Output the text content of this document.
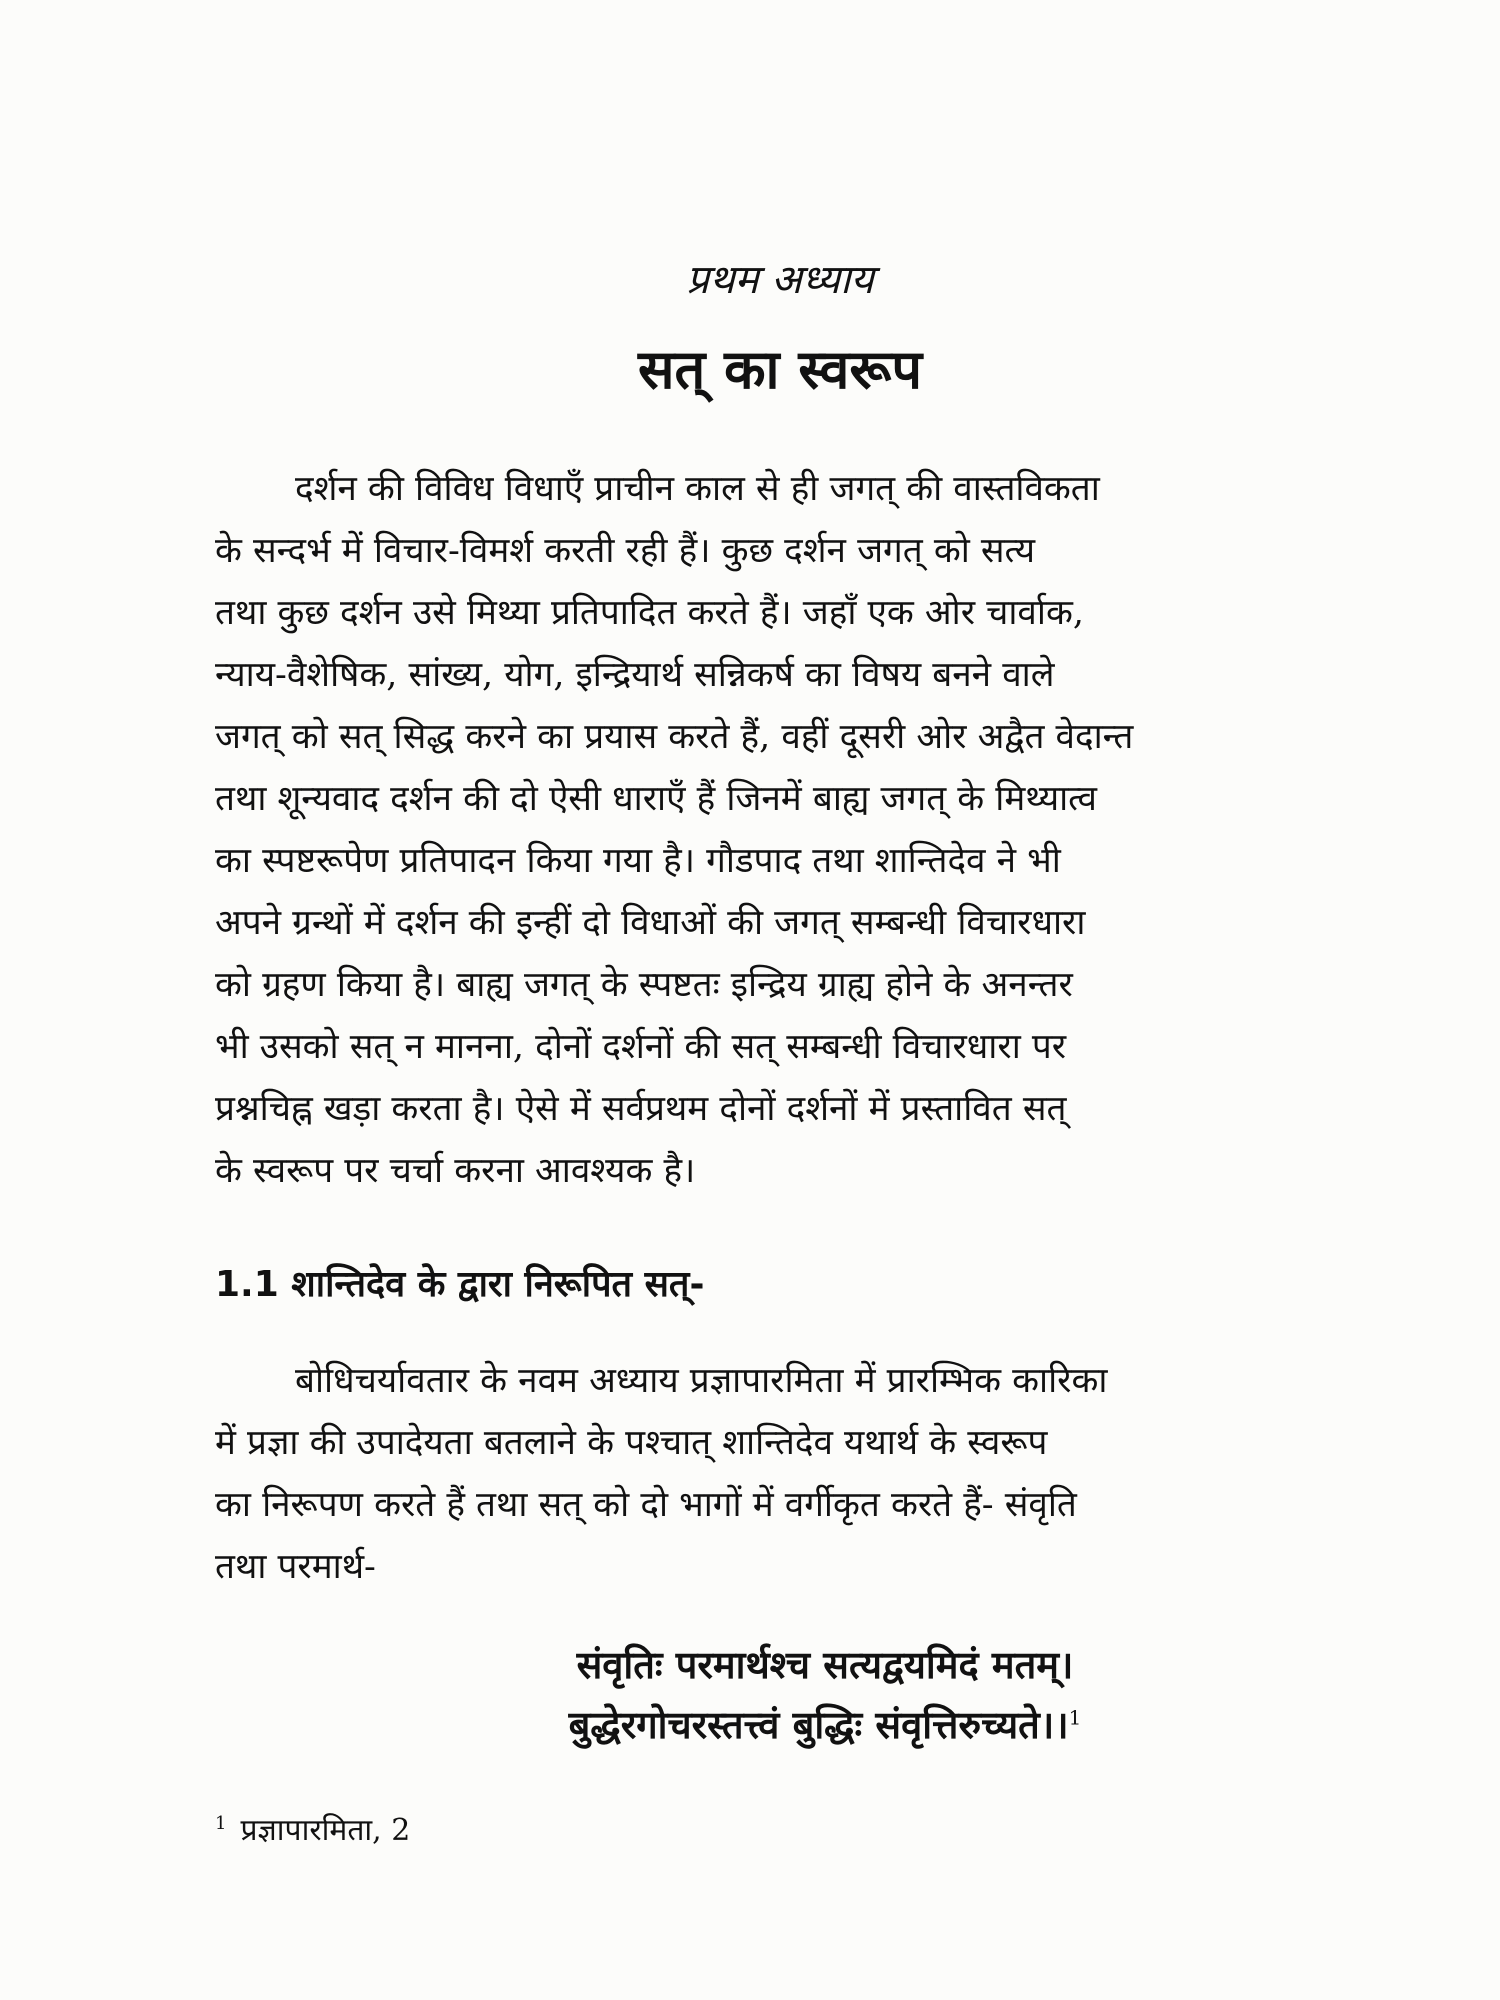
प्रथम अध्याय
सत् का स्वरूप
दर्शन की विविध विधाएँ प्राचीन काल से ही जगत् की वास्तविकता
के सन्दर्भ में विचार-विमर्श करती रही हैं। कुछ दर्शन जगत् को सत्य
तथा कुछ दर्शन उसे मिथ्या प्रतिपादित करते हैं। जहाँ एक ओर चार्वाक,
न्याय-वैशेषिक, सांख्य, योग, इन्द्रियार्थ सन्निकर्ष का विषय बनने वाले
जगत् को सत् सिद्ध करने का प्रयास करते हैं, वहीं दूसरी ओर अद्वैत वेदान्त
तथा शून्यवाद दर्शन की दो ऐसी धाराएँ हैं जिनमें बाह्य जगत् के मिथ्यात्व
का स्पष्टरूपेण प्रतिपादन किया गया है। गौडपाद तथा शान्तिदेव ने भी
अपने ग्रन्थों में दर्शन की इन्हीं दो विधाओं की जगत् सम्बन्धी विचारधारा
को ग्रहण किया है। बाह्य जगत् के स्पष्टतः इन्द्रिय ग्राह्य होने के अनन्तर
भी उसको सत् न मानना, दोनों दर्शनों की सत् सम्बन्धी विचारधारा पर
प्रश्नचिह्न खड़ा करता है। ऐसे में सर्वप्रथम दोनों दर्शनों में प्रस्तावित सत्
के स्वरूप पर चर्चा करना आवश्यक है।
1.1 शान्तिदेव के द्वारा निरूपित सत्-
बोधिचर्यावतार के नवम अध्याय प्रज्ञापारमिता में प्रारम्भिक कारिका
में प्रज्ञा की उपादेयता बतलाने के पश्चात् शान्तिदेव यथार्थ के स्वरूप
का निरूपण करते हैं तथा सत् को दो भागों में वर्गीकृत करते हैं- संवृति
तथा परमार्थ-
संवृतिः परमार्थश्च सत्यद्वयमिदं मतम्।
बुद्धेरगोचरस्तत्त्वं बुद्धिः संवृत्तिरुच्यते।।$^1$
$^1$ प्रज्ञापारमिता, 2
